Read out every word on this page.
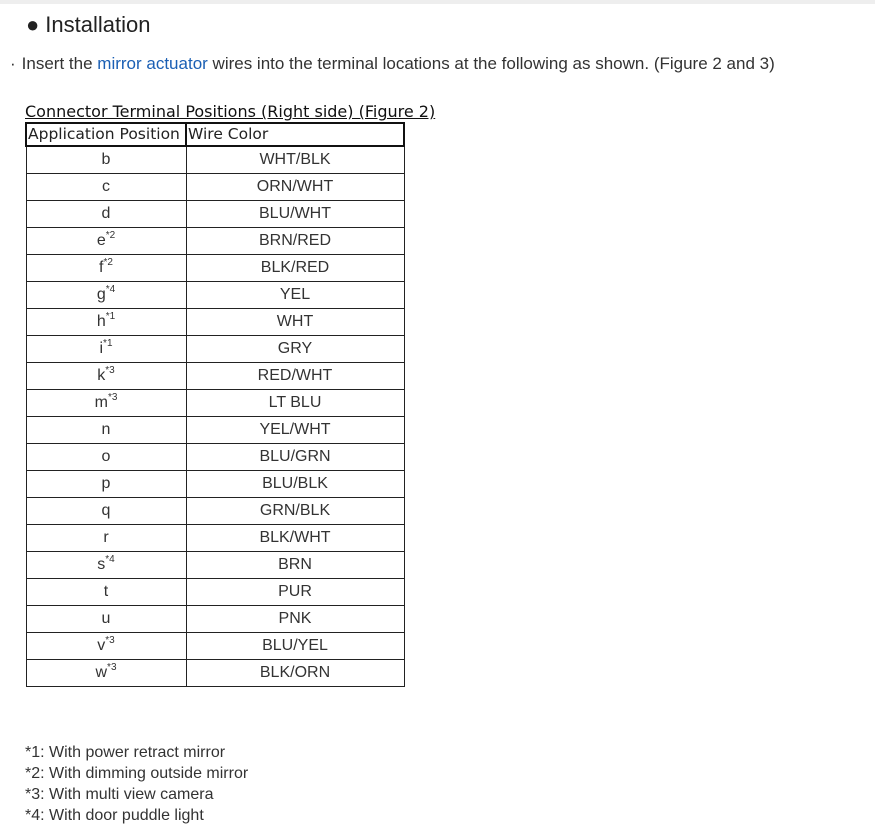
● Installation
· Insert the mirror actuator wires into the terminal locations at the following as shown. (Figure 2 and 3)
Connector Terminal Positions (Right side) (Figure 2)
Application Position	Wire Color
b	WHT/BLK
c	ORN/WHT
d	BLU/WHT
$e^{*2}$	BRN/RED
$f^{*2}$	BLK/RED
$g^{*4}$	YEL
$h^{*1}$	WHT
$i^{*1}$	GRY
$k^{*3}$	RED/WHT
$m^{*3}$	LT BLU
n	YEL/WHT
o	BLU/GRN
p	BLU/BLK
q	GRN/BLK
r	BLK/WHT
$s^{*4}$	BRN
t	PUR
u	PNK
$v^{*3}$	BLU/YEL
$w^{*3}$	BLK/ORN
*1: With power retract mirror
*2: With dimming outside mirror
*3: With multi view camera
*4: With door puddle light
